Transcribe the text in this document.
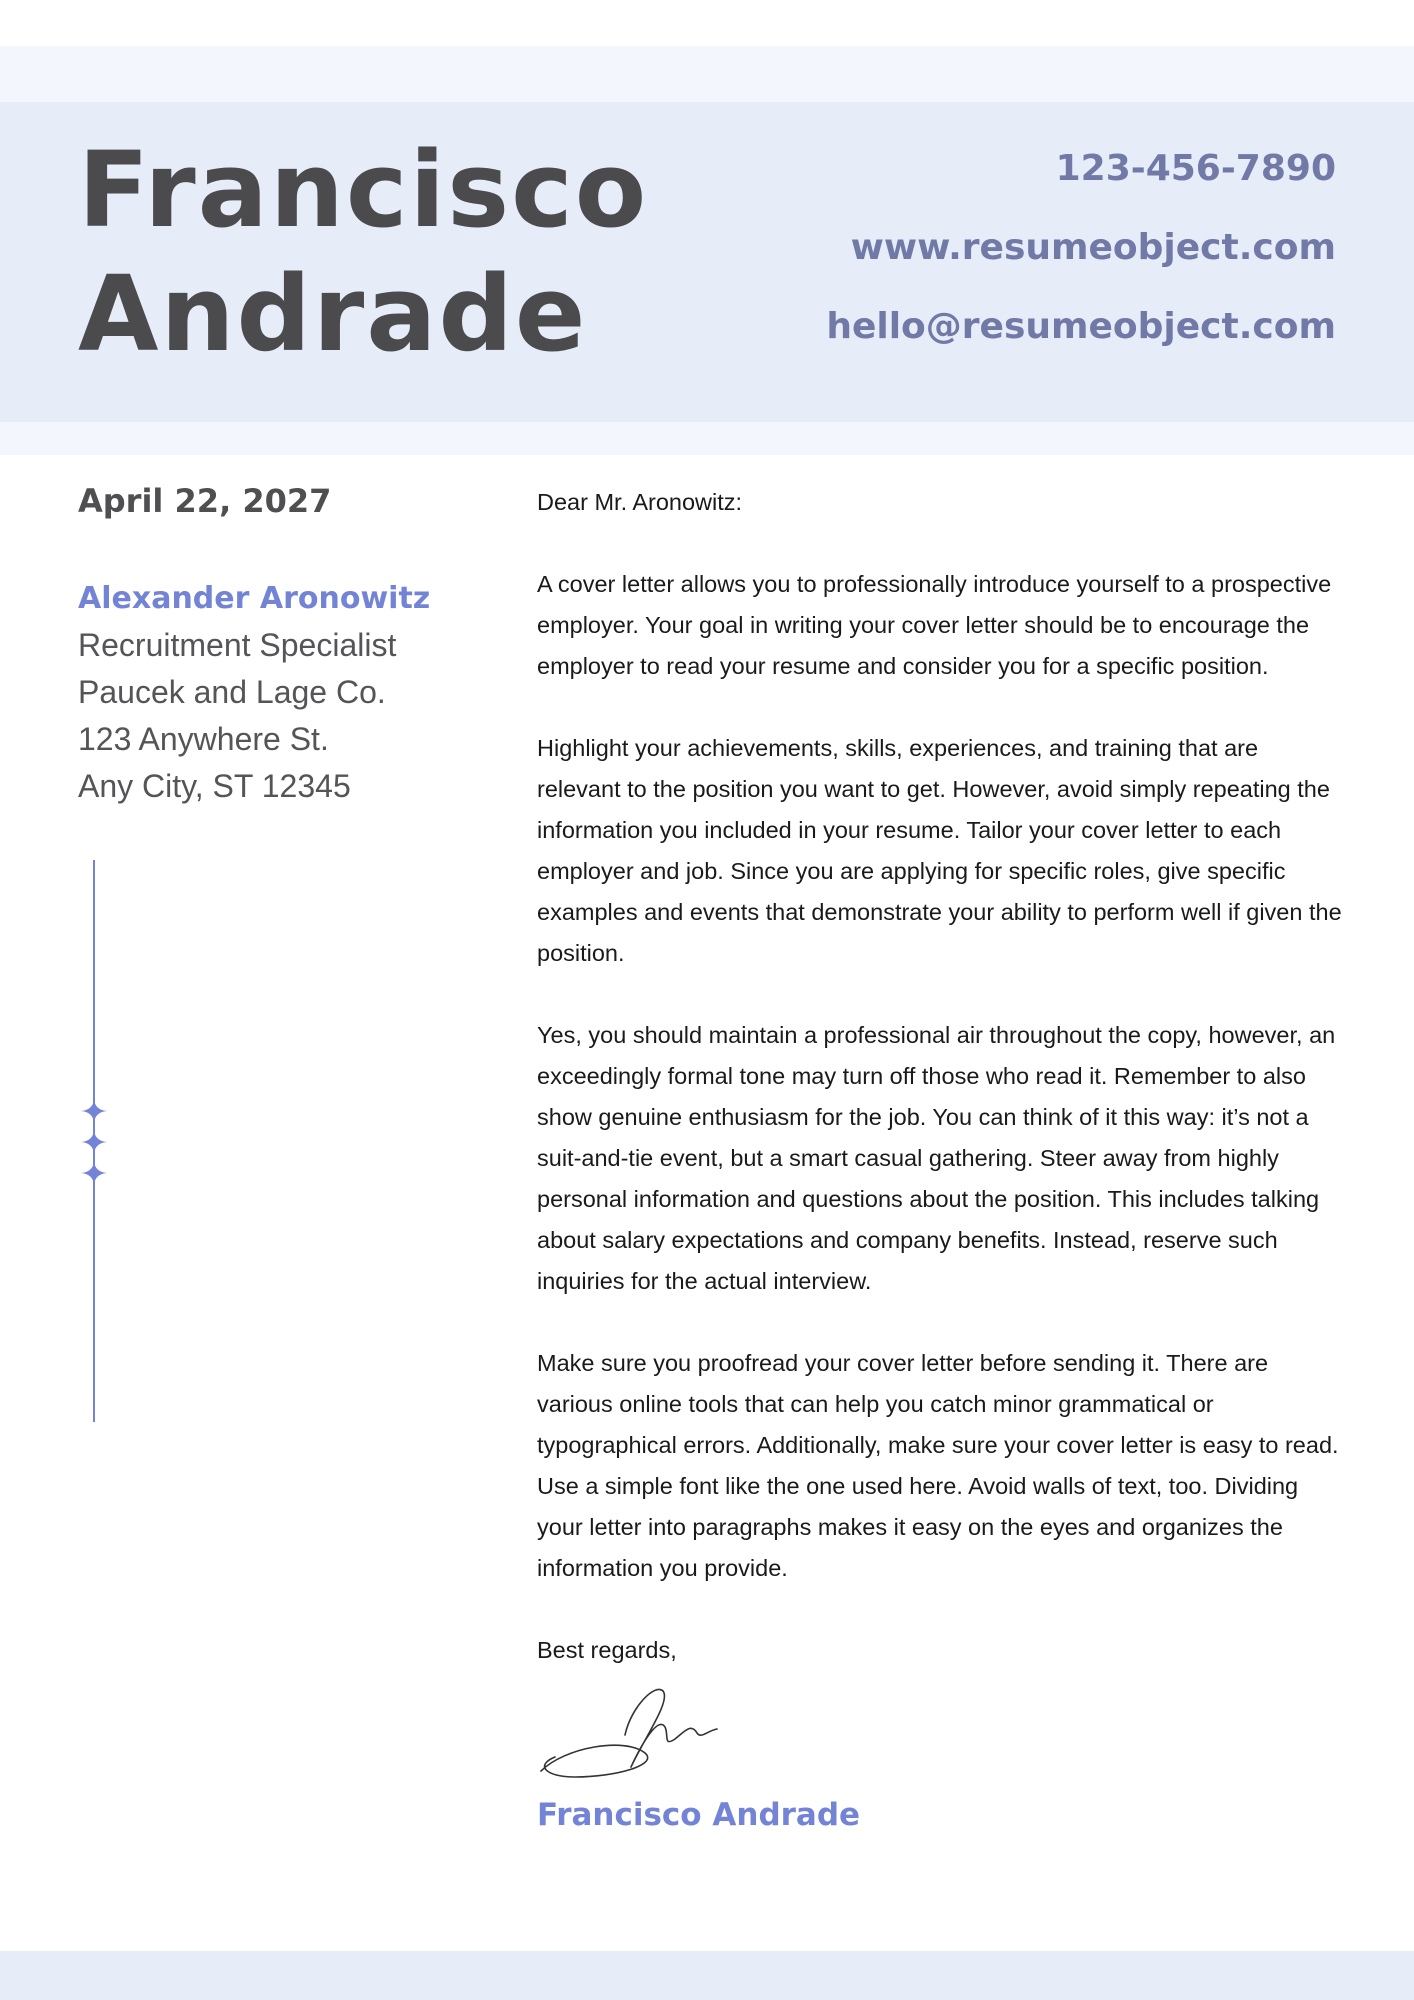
Francisco
Andrade
123-456-7890
www.resumeobject.com
hello@resumeobject.com
April 22, 2027
Alexander Aronowitz
Recruitment Specialist
Paucek and Lage Co.
123 Anywhere St.
Any City, ST 12345

Dear Mr. Aronowitz:

A cover letter allows you to professionally introduce yourself to a prospective employer. Your goal in writing your cover letter should be to encourage the employer to read your resume and consider you for a specific position.

Highlight your achievements, skills, experiences, and training that are relevant to the position you want to get. However, avoid simply repeating the information you included in your resume. Tailor your cover letter to each employer and job. Since you are applying for specific roles, give specific examples and events that demonstrate your ability to perform well if given the position.

Yes, you should maintain a professional air throughout the copy, however, an exceedingly formal tone may turn off those who read it. Remember to also show genuine enthusiasm for the job. You can think of it this way: it’s not a suit-and-tie event, but a smart casual gathering. Steer away from highly personal information and questions about the position. This includes talking about salary expectations and company benefits. Instead, reserve such inquiries for the actual interview.

Make sure you proofread your cover letter before sending it. There are various online tools that can help you catch minor grammatical or typographical errors. Additionally, make sure your cover letter is easy to read. Use a simple font like the one used here. Avoid walls of text, too. Dividing your letter into paragraphs makes it easy on the eyes and organizes the information you provide.

Best regards,

Francisco Andrade
